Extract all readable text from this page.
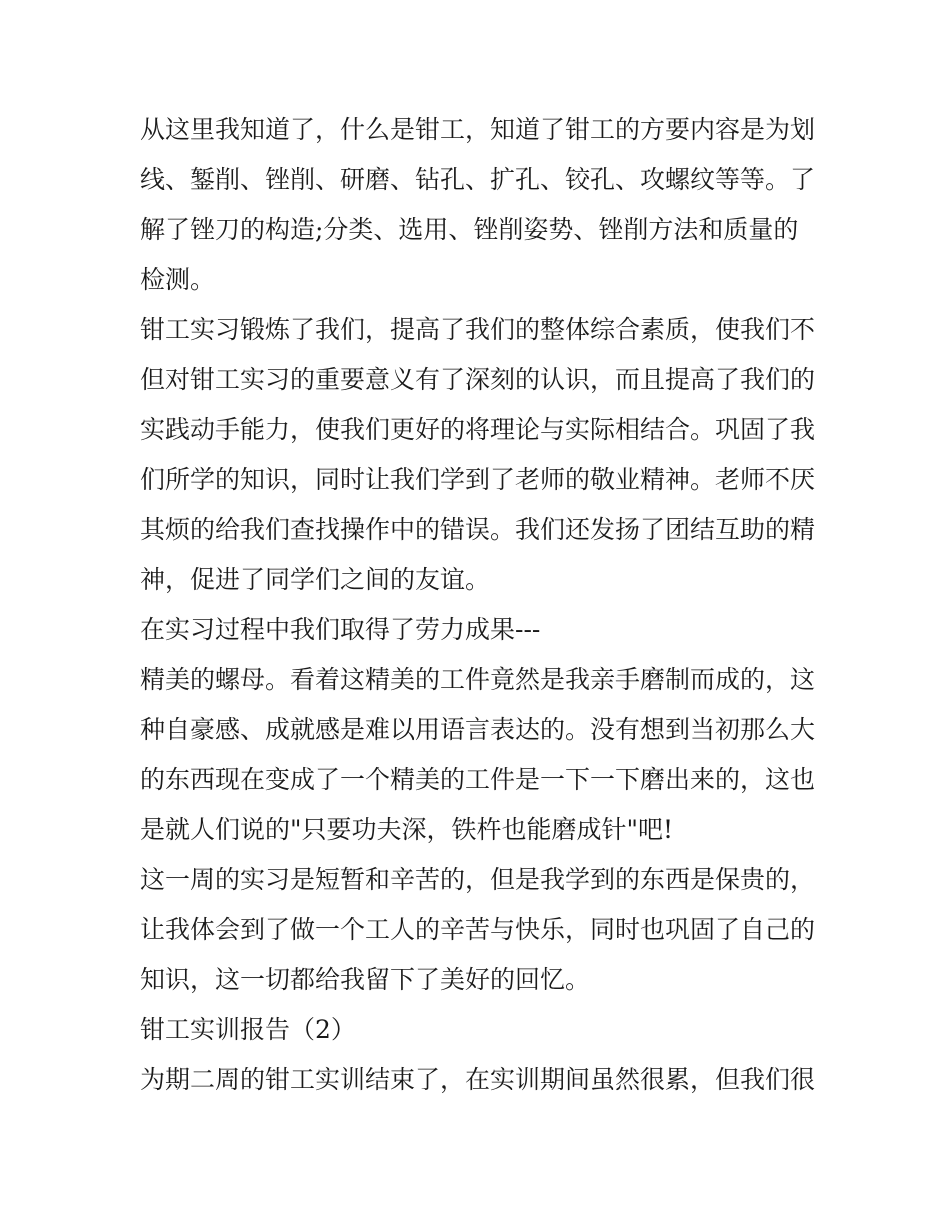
从这里我知道了，什么是钳工，知道了钳工的方要内容是为划
线、錾削、锉削、研磨、钻孔、扩孔、铰孔、攻螺纹等等。了
解了锉刀的构造;分类、选用、锉削姿势、锉削方法和质量的
检测。
钳工实习锻炼了我们，提高了我们的整体综合素质，使我们不
但对钳工实习的重要意义有了深刻的认识，而且提高了我们的
实践动手能力，使我们更好的将理论与实际相结合。巩固了我
们所学的知识，同时让我们学到了老师的敬业精神。老师不厌
其烦的给我们查找操作中的错误。我们还发扬了团结互助的精
神，促进了同学们之间的友谊。
在实习过程中我们取得了劳力成果---
精美的螺母。看着这精美的工件竟然是我亲手磨制而成的，这
种自豪感、成就感是难以用语言表达的。没有想到当初那么大
的东西现在变成了一个精美的工件是一下一下磨出来的，这也
是就人们说的"只要功夫深，铁杵也能磨成针"吧!
这一周的实习是短暂和辛苦的，但是我学到的东西是保贵的，
让我体会到了做一个工人的辛苦与快乐，同时也巩固了自己的
知识，这一切都给我留下了美好的回忆。
钳工实训报告（2）
为期二周的钳工实训结束了，在实训期间虽然很累，但我们很
